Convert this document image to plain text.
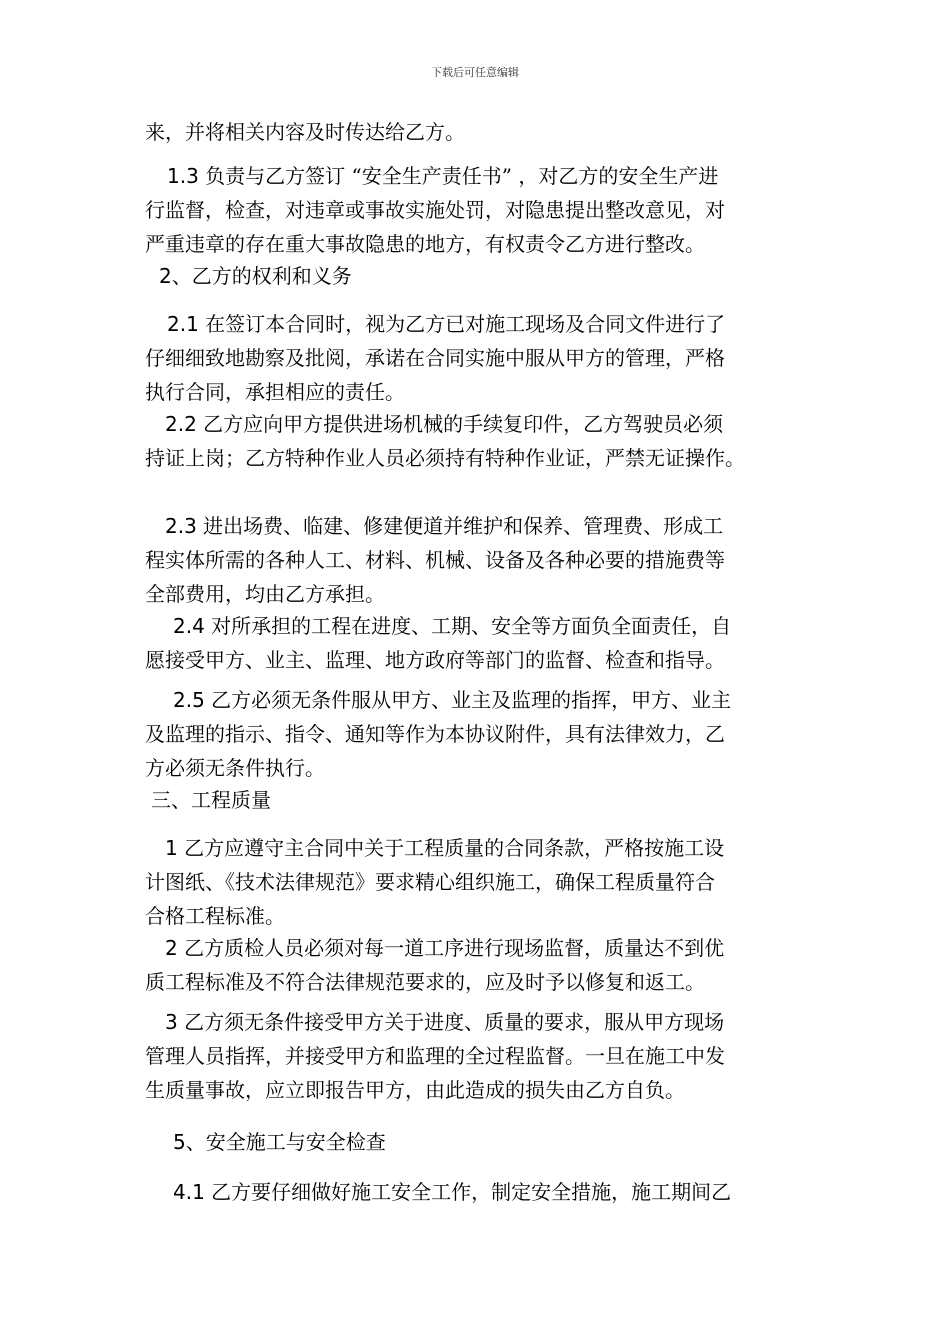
下载后可任意编辑
来，并将相关内容及时传达给乙方。
1.3 负责与乙方签订 “安全生产责任书” ，对乙方的安全生产进
行监督，检查，对违章或事故实施处罚，对隐患提出整改意见，对
严重违章的存在重大事故隐患的地方，有权责令乙方进行整改。
2、乙方的权利和义务
2.1 在签订本合同时，视为乙方已对施工现场及合同文件进行了
仔细细致地勘察及批阅，承诺在合同实施中服从甲方的管理，严格
执行合同，承担相应的责任。
2.2 乙方应向甲方提供进场机械的手续复印件，乙方驾驶员必须
持证上岗；乙方特种作业人员必须持有特种作业证，严禁无证操作。
2.3 进出场费、临建、修建便道并维护和保养、管理费、形成工
程实体所需的各种人工、材料、机械、设备及各种必要的措施费等
全部费用，均由乙方承担。
2.4 对所承担的工程在进度、工期、安全等方面负全面责任，自
愿接受甲方、业主、监理、地方政府等部门的监督、检查和指导。
2.5 乙方必须无条件服从甲方、业主及监理的指挥，甲方、业主
及监理的指示、指令、通知等作为本协议附件，具有法律效力，乙
方必须无条件执行。
三、工程质量
1 乙方应遵守主合同中关于工程质量的合同条款，严格按施工设
计图纸、《技术法律规范》要求精心组织施工，确保工程质量符合
合格工程标准。
2 乙方质检人员必须对每一道工序进行现场监督，质量达不到优
质工程标准及不符合法律规范要求的，应及时予以修复和返工。
3 乙方须无条件接受甲方关于进度、质量的要求，服从甲方现场
管理人员指挥，并接受甲方和监理的全过程监督。一旦在施工中发
生质量事故，应立即报告甲方，由此造成的损失由乙方自负。
5、安全施工与安全检查
4.1 乙方要仔细做好施工安全工作，制定安全措施，施工期间乙
